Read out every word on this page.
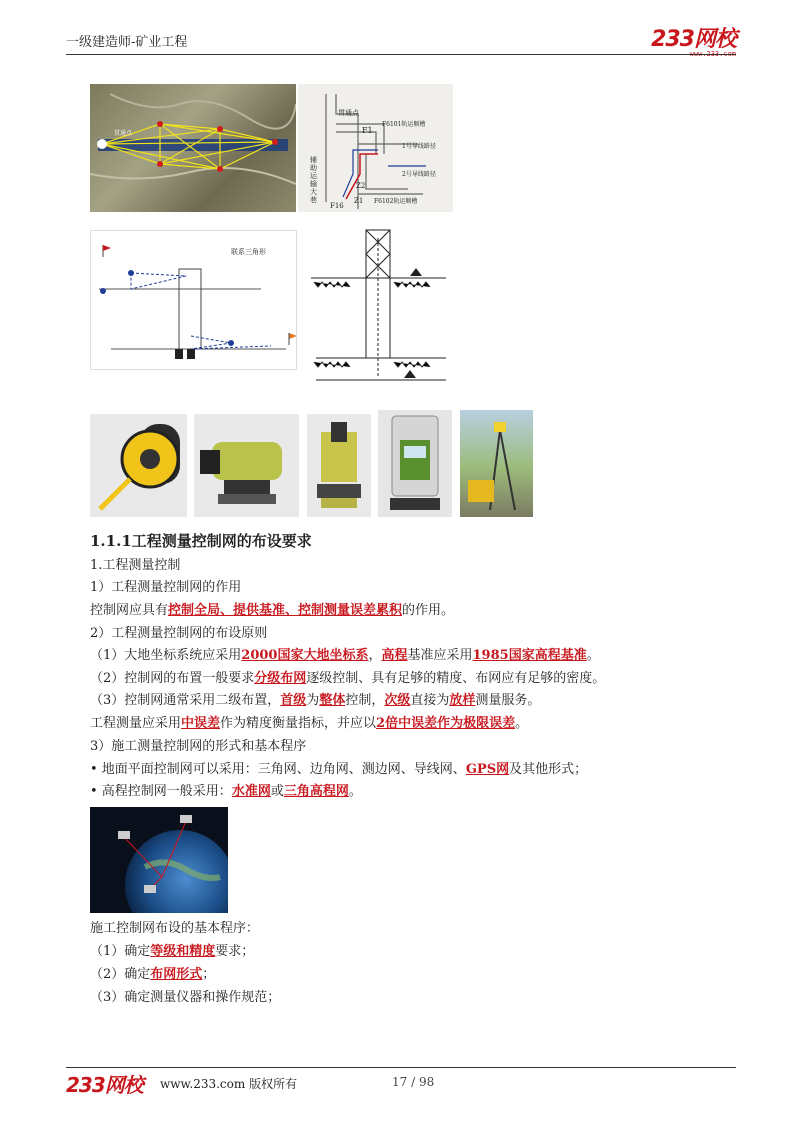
一级建造师-矿业工程	233网校
www.233.com
贯通点
贯通点
F1
F6101轨运顺槽
1号导线路径
2号导线路径
F6102轨运顺槽
辅助运输大巷
Z2
Z1
F16
联系三角形
1.1.1工程测量控制网的布设要求
1.工程测量控制
1）工程测量控制网的作用
控制网应具有控制全局、提供基准、控制测量误差累积的作用。
2）工程测量控制网的布设原则
（1）大地坐标系统应采用2000国家大地坐标系，高程基准应采用1985国家高程基准。
（2）控制网的布置一般要求分级布网逐级控制、具有足够的精度、布网应有足够的密度。
（3）控制网通常采用二级布置，首级为整体控制，次级直接为放样测量服务。
工程测量应采用中误差作为精度衡量指标，并应以2倍中误差作为极限误差。
3）施工测量控制网的形式和基本程序
• 地面平面控制网可以采用：三角网、边角网、测边网、导线网、GPS网及其他形式；
• 高程控制网一般采用：水准网或三角高程网。
施工控制网布设的基本程序：
（1）确定等级和精度要求；
（2）确定布网形式；
（3）确定测量仪器和操作规范；
233网校 www.233.com 版权所有	17 / 98
